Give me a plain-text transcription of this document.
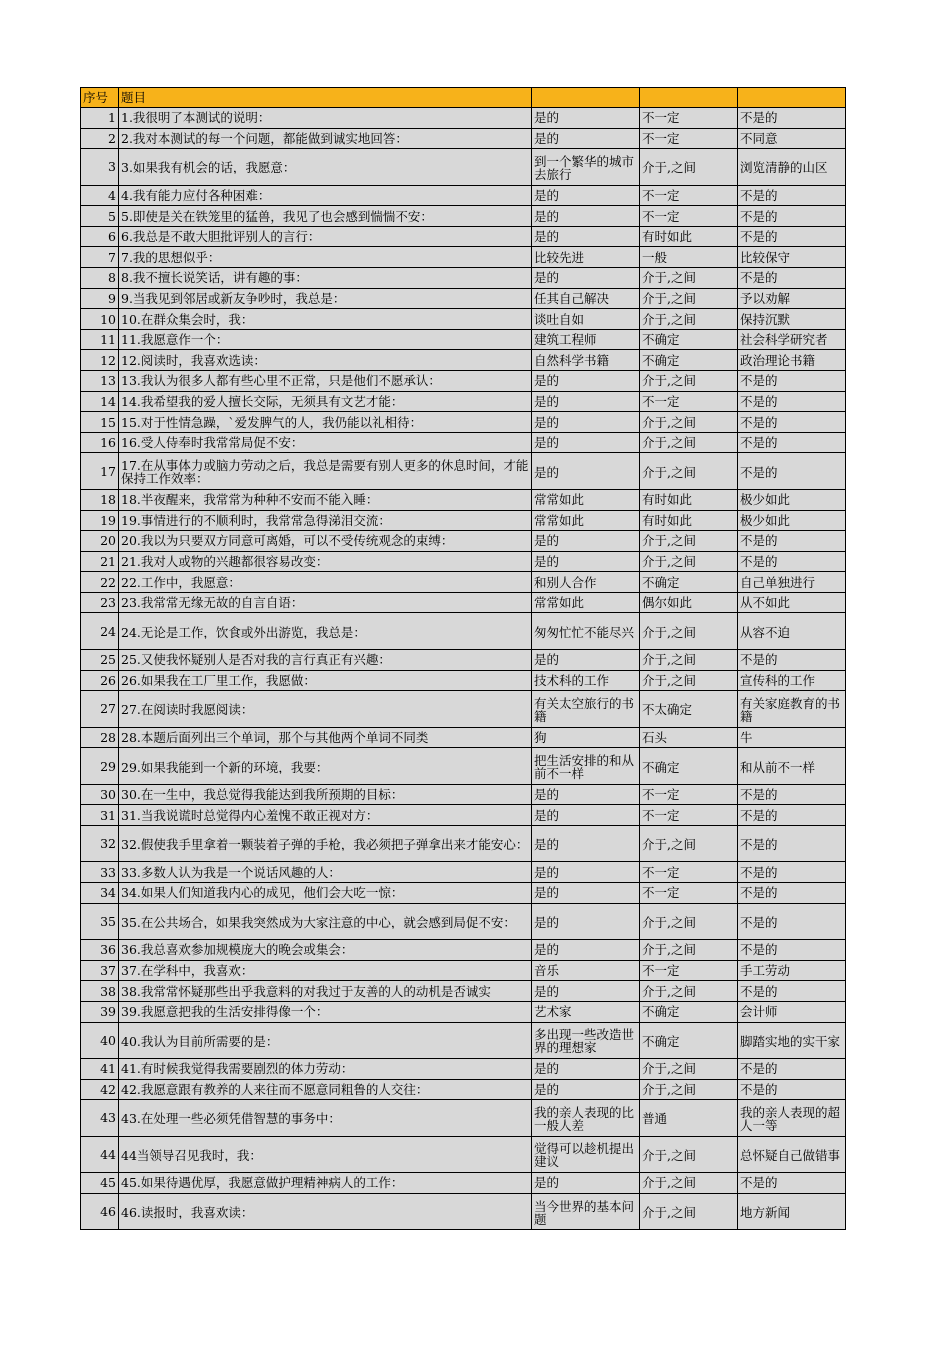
序号	题目			

1	1.我很明了本测试的说明：	是的	不一定	不是的

2	2.我对本测试的每一个问题，都能做到诚实地回答：	是的	不一定	不同意

3	3.如果我有机会的话，我愿意：	到一个繁华的城市去旅行	介于,之间	浏览清静的山区

4	4.我有能力应付各种困难：	是的	不一定	不是的

5	5.即使是关在铁笼里的猛兽，我见了也会感到惴惴不安：	是的	不一定	不是的

6	6.我总是不敢大胆批评别人的言行：	是的	有时如此	不是的

7	7.我的思想似乎：	比较先进	一般	比较保守

8	8.我不擅长说笑话，讲有趣的事：	是的	介于,之间	不是的

9	9.当我见到邻居或新友争吵时，我总是：	任其自己解决	介于,之间	予以劝解

10	10.在群众集会时，我：	谈吐自如	介于,之间	保持沉默

11	11.我愿意作一个：	建筑工程师	不确定	社会科学研究者

12	12.阅读时，我喜欢选读：	自然科学书籍	不确定	政治理论书籍

13	13.我认为很多人都有些心里不正常，只是他们不愿承认：	是的	介于,之间	不是的

14	14.我希望我的爱人擅长交际，无须具有文艺才能：	是的	不一定	不是的

15	15.对于性情急躁，`爱发脾气的人，我仍能以礼相待：	是的	介于,之间	不是的

16	16.受人侍奉时我常常局促不安：	是的	介于,之间	不是的

17	17.在从事体力或脑力劳动之后，我总是需要有别人更多的休息时间，才能保持工作效率：	是的	介于,之间	不是的

18	18.半夜醒来，我常常为种种不安而不能入睡：	常常如此	有时如此	极少如此

19	19.事情进行的不顺利时，我常常急得涕泪交流：	常常如此	有时如此	极少如此

20	20.我以为只要双方同意可离婚，可以不受传统观念的束缚：	是的	介于,之间	不是的

21	21.我对人或物的兴趣都很容易改变：	是的	介于,之间	不是的

22	22.工作中，我愿意：	和别人合作	不确定	自己单独进行

23	23.我常常无缘无故的自言自语：	常常如此	偶尔如此	从不如此

24	24.无论是工作，饮食或外出游览，我总是：	匆匆忙忙不能尽兴	介于,之间	从容不迫

25	25.又使我怀疑别人是否对我的言行真正有兴趣：	是的	介于,之间	不是的

26	26.如果我在工厂里工作，我愿做：	技术科的工作	介于,之间	宣传科的工作

27	27.在阅读时我愿阅读：	有关太空旅行的书籍	不太确定	有关家庭教育的书籍

28	28.本题后面列出三个单词，那个与其他两个单词不同类	狗	石头	牛

29	29.如果我能到一个新的环境，我要：	把生活安排的和从前不一样	不确定	和从前不一样

30	30.在一生中，我总觉得我能达到我所预期的目标：	是的	不一定	不是的

31	31.当我说谎时总觉得内心羞愧不敢正视对方：	是的	不一定	不是的

32	32.假使我手里拿着一颗装着子弹的手枪，我必须把子弹拿出来才能安心：	是的	介于,之间	不是的

33	33.多数人认为我是一个说话风趣的人：	是的	不一定	不是的

34	34.如果人们知道我内心的成见，他们会大吃一惊：	是的	不一定	不是的

35	35.在公共场合，如果我突然成为大家注意的中心，就会感到局促不安：	是的	介于,之间	不是的

36	36.我总喜欢参加规模庞大的晚会或集会：	是的	介于,之间	不是的

37	37.在学科中，我喜欢：	音乐	不一定	手工劳动

38	38.我常常怀疑那些出乎我意料的对我过于友善的人的动机是否诚实	是的	介于,之间	不是的

39	39.我愿意把我的生活安排得像一个：	艺术家	不确定	会计师

40	40.我认为目前所需要的是：	多出现一些改造世界的理想家	不确定	脚踏实地的实干家

41	41.有时候我觉得我需要剧烈的体力劳动：	是的	介于,之间	不是的

42	42.我愿意跟有教养的人来往而不愿意同粗鲁的人交往：	是的	介于,之间	不是的

43	43.在处理一些必须凭借智慧的事务中：	我的亲人表现的比一般人差	普通	我的亲人表现的超人一等

44	44当领导召见我时，我：	觉得可以趁机提出建议	介于,之间	总怀疑自己做错事

45	45.如果待遇优厚，我愿意做护理精神病人的工作：	是的	介于,之间	不是的

46	46.读报时，我喜欢读：	当今世界的基本问题	介于,之间	地方新闻
